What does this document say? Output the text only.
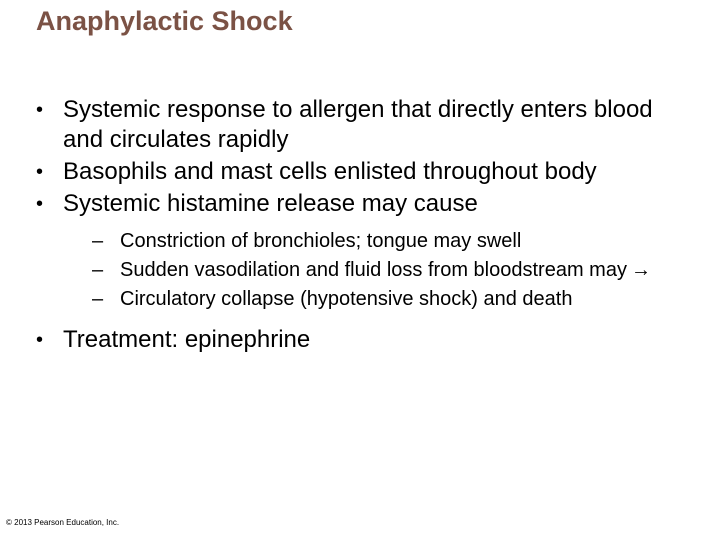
Anaphylactic Shock
• Systemic response to allergen that directly enters blood and circulates rapidly
• Basophils and mast cells enlisted throughout body
• Systemic histamine release may cause
– Constriction of bronchioles; tongue may swell
– Sudden vasodilation and fluid loss from bloodstream may →
– Circulatory collapse (hypotensive shock) and death
• Treatment: epinephrine
© 2013 Pearson Education, Inc.
